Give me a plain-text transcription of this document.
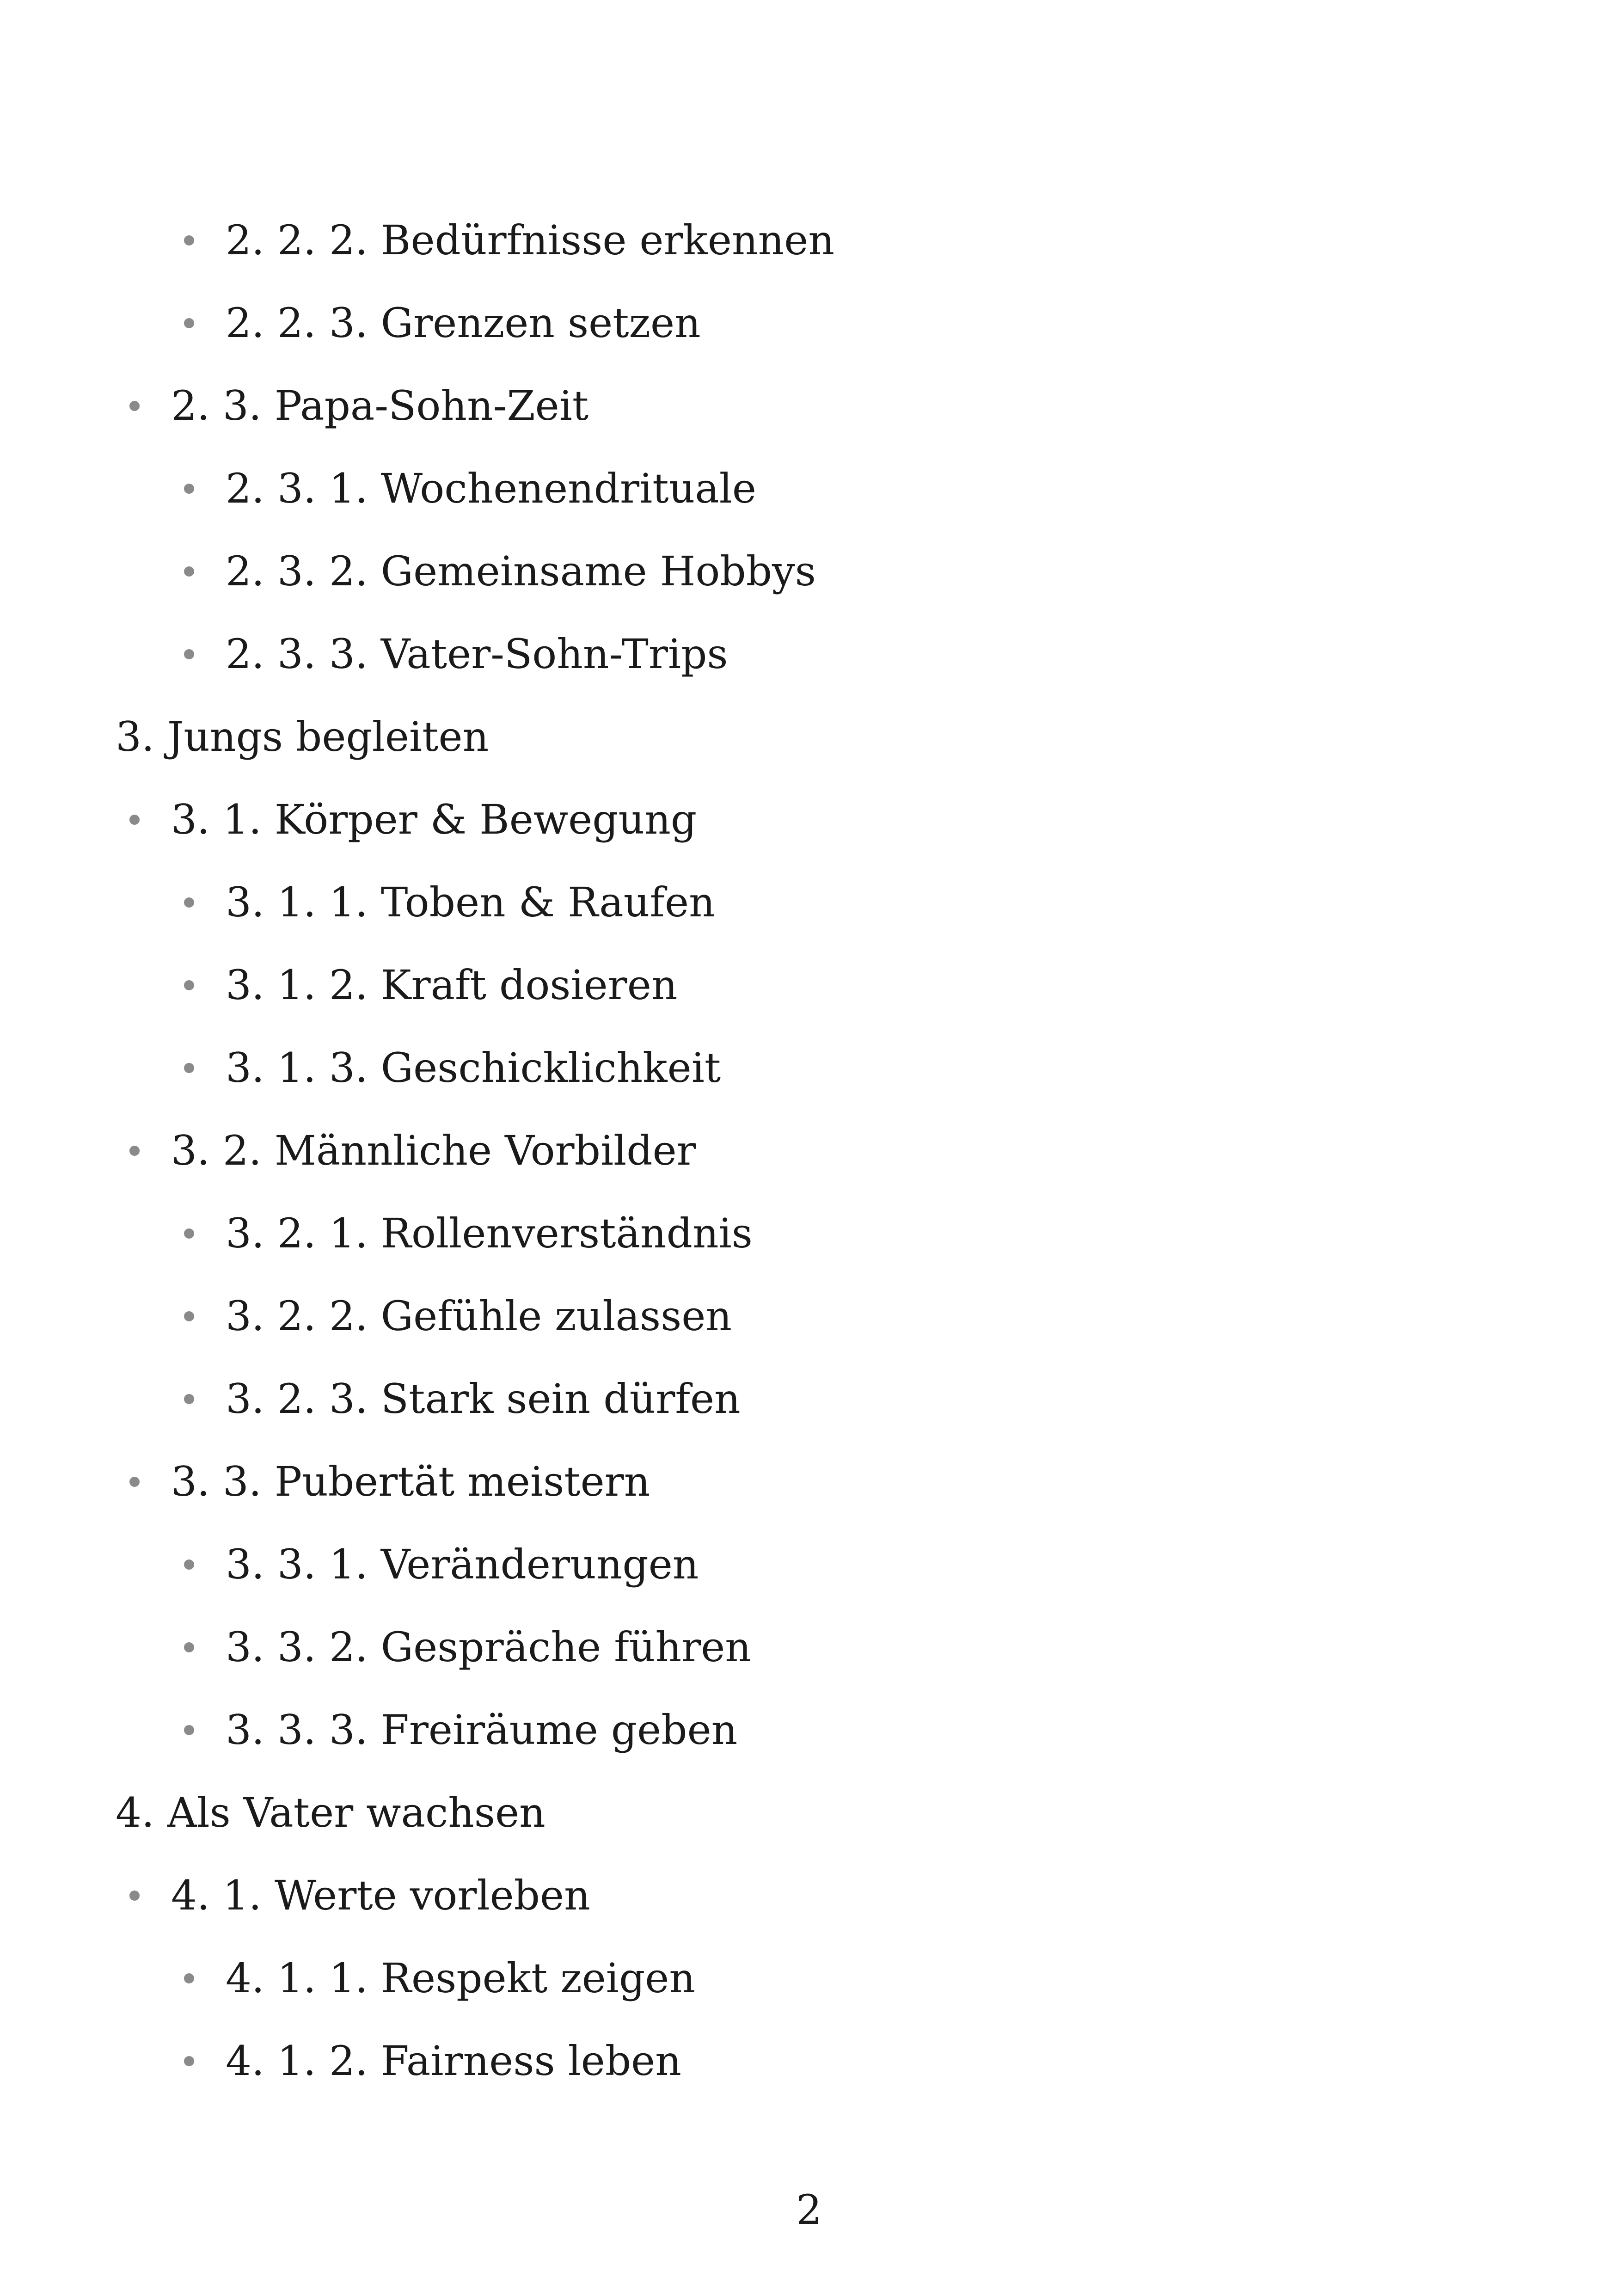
2. 2. 2. Bedürfnisse erkennen
2. 2. 3. Grenzen setzen
2. 3. Papa-Sohn-Zeit
2. 3. 1. Wochenendrituale
2. 3. 2. Gemeinsame Hobbys
2. 3. 3. Vater-Sohn-Trips
3. Jungs begleiten
3. 1. Körper & Bewegung
3. 1. 1. Toben & Raufen
3. 1. 2. Kraft dosieren
3. 1. 3. Geschicklichkeit
3. 2. Männliche Vorbilder
3. 2. 1. Rollenverständnis
3. 2. 2. Gefühle zulassen
3. 2. 3. Stark sein dürfen
3. 3. Pubertät meistern
3. 3. 1. Veränderungen
3. 3. 2. Gespräche führen
3. 3. 3. Freiräume geben
4. Als Vater wachsen
4. 1. Werte vorleben
4. 1. 1. Respekt zeigen
4. 1. 2. Fairness leben
2
